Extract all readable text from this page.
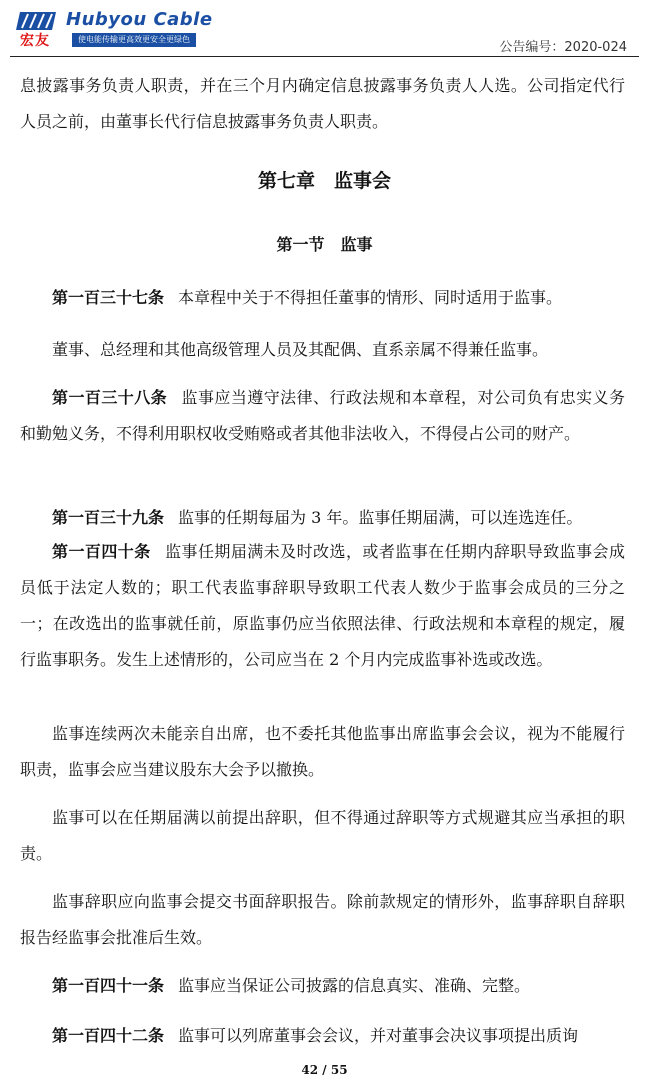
宏友
Hubyou Cable
使电能传输更高效更安全更绿色
公告编号：2020-024
息披露事务负责人职责，并在三个月内确定信息披露事务负责人人选。公司指定代行人员之前，由董事长代行信息披露事务负责人职责。
第七章　监事会
第一节　监事
第一百三十七条 本章程中关于不得担任董事的情形、同时适用于监事。
董事、总经理和其他高级管理人员及其配偶、直系亲属不得兼任监事。
第一百三十八条 监事应当遵守法律、行政法规和本章程，对公司负有忠实义务和勤勉义务，不得利用职权收受贿赂或者其他非法收入，不得侵占公司的财产。
第一百三十九条 监事的任期每届为 3 年。监事任期届满，可以连选连任。
第一百四十条 监事任期届满未及时改选，或者监事在任期内辞职导致监事会成员低于法定人数的；职工代表监事辞职导致职工代表人数少于监事会成员的三分之一；在改选出的监事就任前，原监事仍应当依照法律、行政法规和本章程的规定，履行监事职务。发生上述情形的，公司应当在 2 个月内完成监事补选或改选。
监事连续两次未能亲自出席，也不委托其他监事出席监事会会议，视为不能履行职责，监事会应当建议股东大会予以撤换。
监事可以在任期届满以前提出辞职，但不得通过辞职等方式规避其应当承担的职责。
监事辞职应向监事会提交书面辞职报告。除前款规定的情形外，监事辞职自辞职报告经监事会批准后生效。
第一百四十一条 监事应当保证公司披露的信息真实、准确、完整。
第一百四十二条 监事可以列席董事会会议，并对董事会决议事项提出质询
42 / 55
